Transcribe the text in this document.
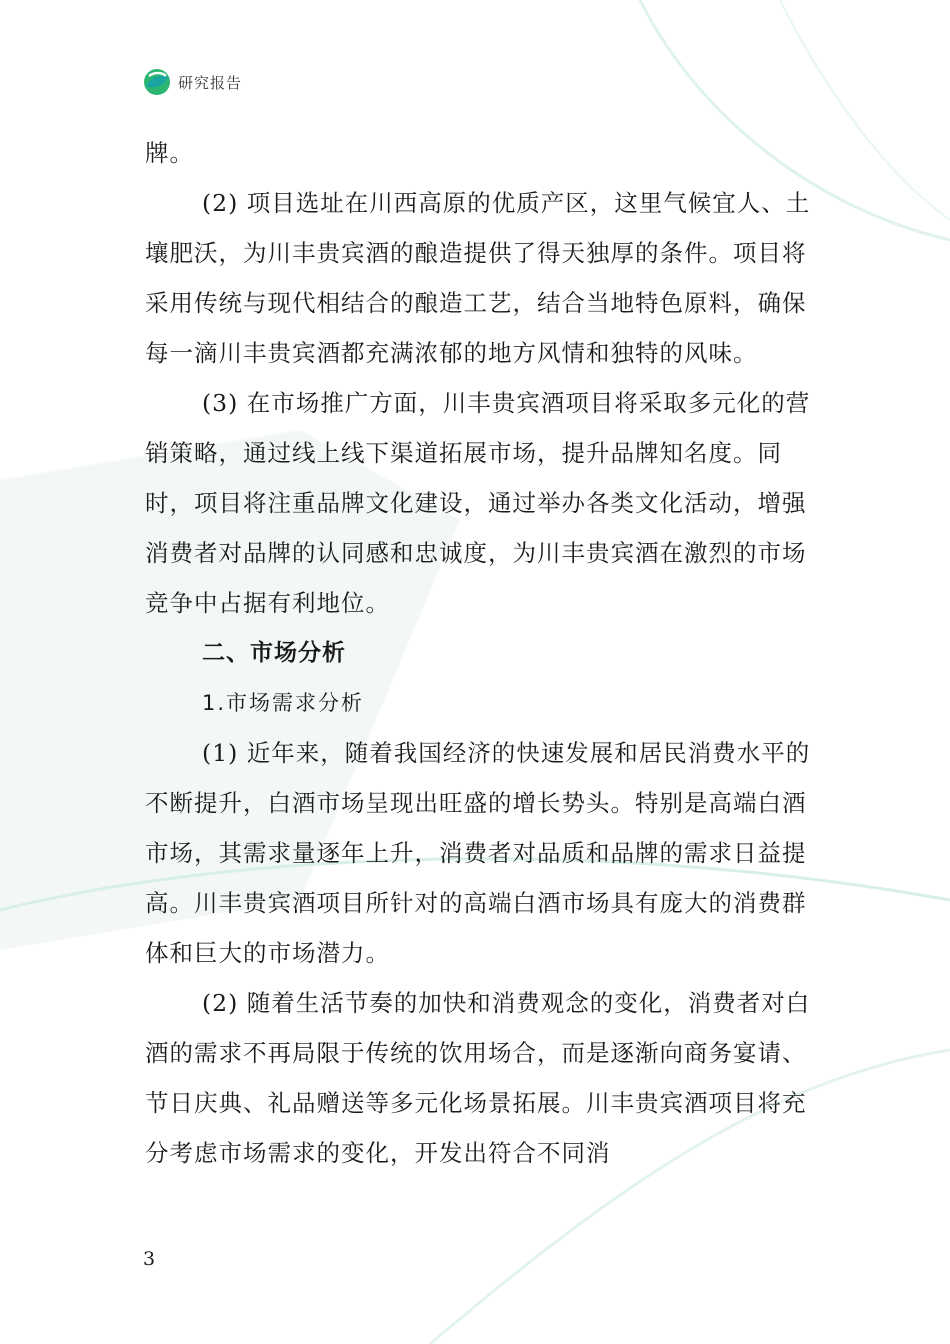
研究报告

牌。

(2) 项目选址在川西高原的优质产区，这里气候宜人、土壤肥沃，为川丰贵宾酒的酿造提供了得天独厚的条件。项目将采用传统与现代相结合的酿造工艺，结合当地特色原料，确保每一滴川丰贵宾酒都充满浓郁的地方风情和独特的风味。

(3) 在市场推广方面，川丰贵宾酒项目将采取多元化的营销策略，通过线上线下渠道拓展市场，提升品牌知名度。同时，项目将注重品牌文化建设，通过举办各类文化活动，增强消费者对品牌的认同感和忠诚度，为川丰贵宾酒在激烈的市场竞争中占据有利地位。

二、市场分析

1.市场需求分析

(1) 近年来，随着我国经济的快速发展和居民消费水平的不断提升，白酒市场呈现出旺盛的增长势头。特别是高端白酒市场，其需求量逐年上升，消费者对品质和品牌的需求日益提高。川丰贵宾酒项目所针对的高端白酒市场具有庞大的消费群体和巨大的市场潜力。

(2) 随着生活节奏的加快和消费观念的变化，消费者对白酒的需求不再局限于传统的饮用场合，而是逐渐向商务宴请、节日庆典、礼品赠送等多元化场景拓展。川丰贵宾酒项目将充分考虑市场需求的变化，开发出符合不同消

3
